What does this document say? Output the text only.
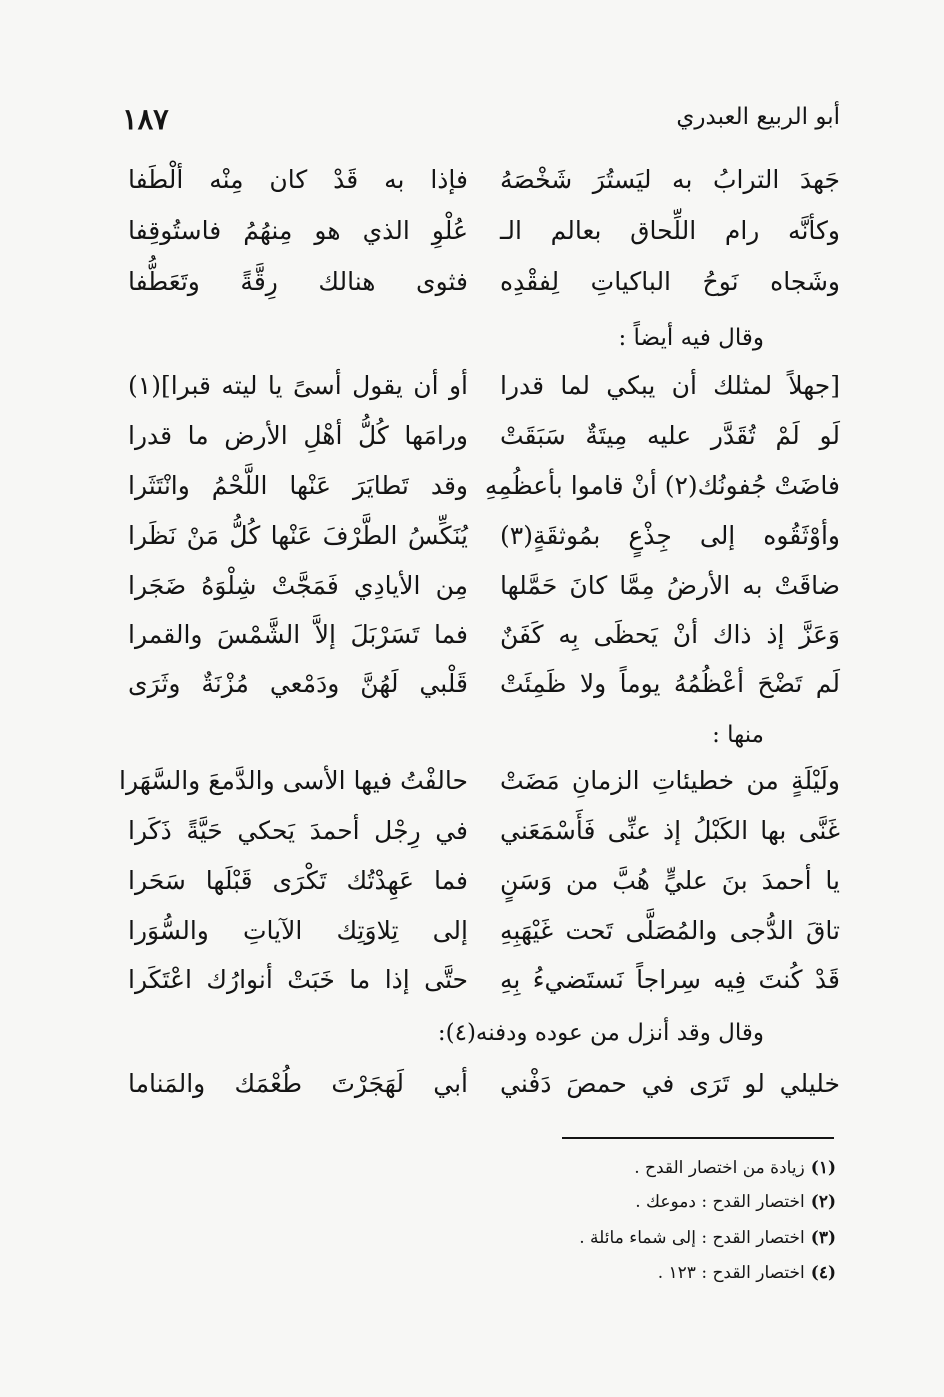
أبو الربيع العبدري
١٨٧
جَهدَ الترابُ به ليَستُرَ شَخْصَهُ
فإذا به قَدْ كان مِنْه ألْطَفا
وكأنَّه رام اللِّحاق بعالم الـ
عُلْوِ الذي هو مِنهُمُ فاستُوقِفا
وشَجاه نَوحُ الباكياتِ لِفقْدِه
فثوى هنالك رِقَّةً وتَعَطُّفا
وقال فيه أيضاً :
[جهلاً لمثلك أن يبكي لما قدرا
أو أن يقول أسىً يا ليته قبرا](١)
لَو لَمْ تُقَدَّر عليه مِيتَةٌ سَبَقَتْ
ورامَها كُلُّ أهْلِ الأرض ما قدرا
فاضَتْ جُفونُك(٢) أنْ قاموا بأعظُمِهِ
وقد تَطايَرَ عَنْها اللَّحْمُ وانْتَثَرا
وأوْثَقُوه إلى جِذْعٍ بمُوثقَةٍ(٣)
يُنَكِّسُ الطَّرْفَ عَنْها كُلُّ مَنْ نَظَرا
ضاقَتْ به الأرضُ مِمَّا كانَ حَمَّلها
مِن الأيادِي فَمَجَّتْ شِلْوَهُ ضَجَرا
وَعَزَّ إذ ذاك أنْ يَحظَى بِه كَفَنٌ
فما تَسَرْبَلَ إلاَّ الشَّمْسَ والقمرا
لَم تَضْحَ أعْظُمُهُ يوماً ولا ظَمِئَتْ
قَلْبي لَهُنَّ ودَمْعي مُزْنَةٌ وثَرَى
منها :
ولَيْلَةٍ من خطيئاتِ الزمانِ مَضَتْ
حالفْتُ فيها الأسى والدَّمعَ والسَّهَرا
غَنَّى بها الكَبْلُ إذ عنِّى فَأَسْمَعَني
في رِجْل أحمدَ يَحكي حَيَّةً ذَكَرا
يا أحمدَ بنَ عليٍّ هُبَّ من وَسَنٍ
فما عَهِدْتُك تَكْرَى قَبْلَها سَحَرا
تاقَ الدُّجى والمُصَلَّى تَحت غَيْهَبِهِ
إلى تِلاوَتِك الآياتِ والسُّوَرا
قَدْ كُنتَ فِيه سِراجاً نَستَضيءُ بِهِ
حتَّى إذا ما خَبَتْ أنوارُك اعْتَكَرا
وقال وقد أنزل من عوده ودفنه(٤):
خليلي لو تَرَى في حمصَ دَفْني
أبي لَهَجَرْتَ طُعْمَك والمَناما
(١)زيادة من اختصار القدح .
(٢)اختصار القدح : دموعك .
(٣)اختصار القدح : إلى شماء مائلة .
(٤)اختصار القدح : ١٢٣ .
